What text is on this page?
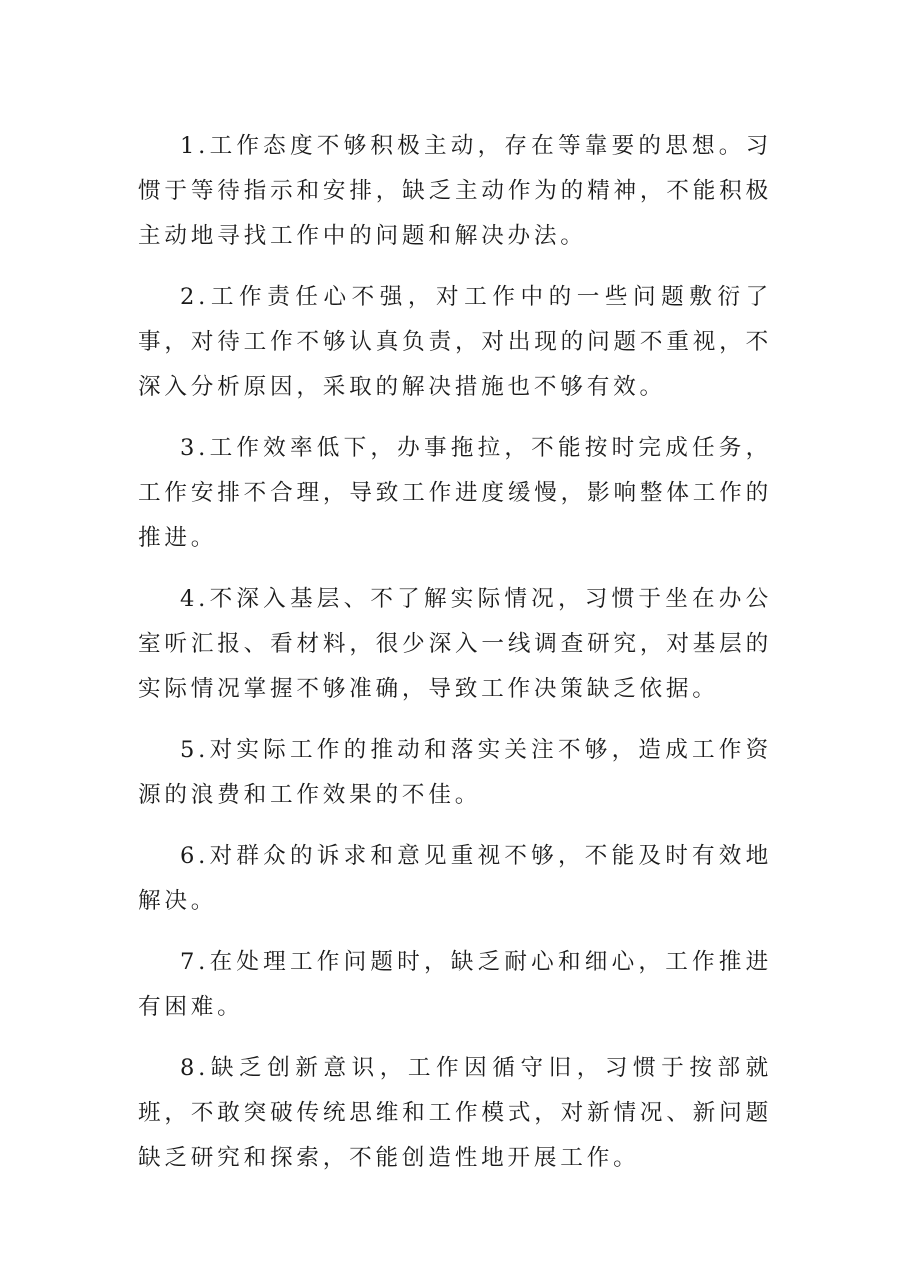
1.工作态度不够积极主动，存在等靠要的思想。习惯于等待指示和安排，缺乏主动作为的精神，不能积极主动地寻找工作中的问题和解决办法。

2.工作责任心不强，对工作中的一些问题敷衍了事，对待工作不够认真负责，对出现的问题不重视，不深入分析原因，采取的解决措施也不够有效。

3.工作效率低下，办事拖拉，不能按时完成任务，工作安排不合理，导致工作进度缓慢，影响整体工作的推进。

4.不深入基层、不了解实际情况，习惯于坐在办公室听汇报、看材料，很少深入一线调查研究，对基层的实际情况掌握不够准确，导致工作决策缺乏依据。

5.对实际工作的推动和落实关注不够，造成工作资源的浪费和工作效果的不佳。

6.对群众的诉求和意见重视不够，不能及时有效地解决。

7.在处理工作问题时，缺乏耐心和细心，工作推进有困难。

8.缺乏创新意识，工作因循守旧，习惯于按部就班，不敢突破传统思维和工作模式，对新情况、新问题缺乏研究和探索，不能创造性地开展工作。
